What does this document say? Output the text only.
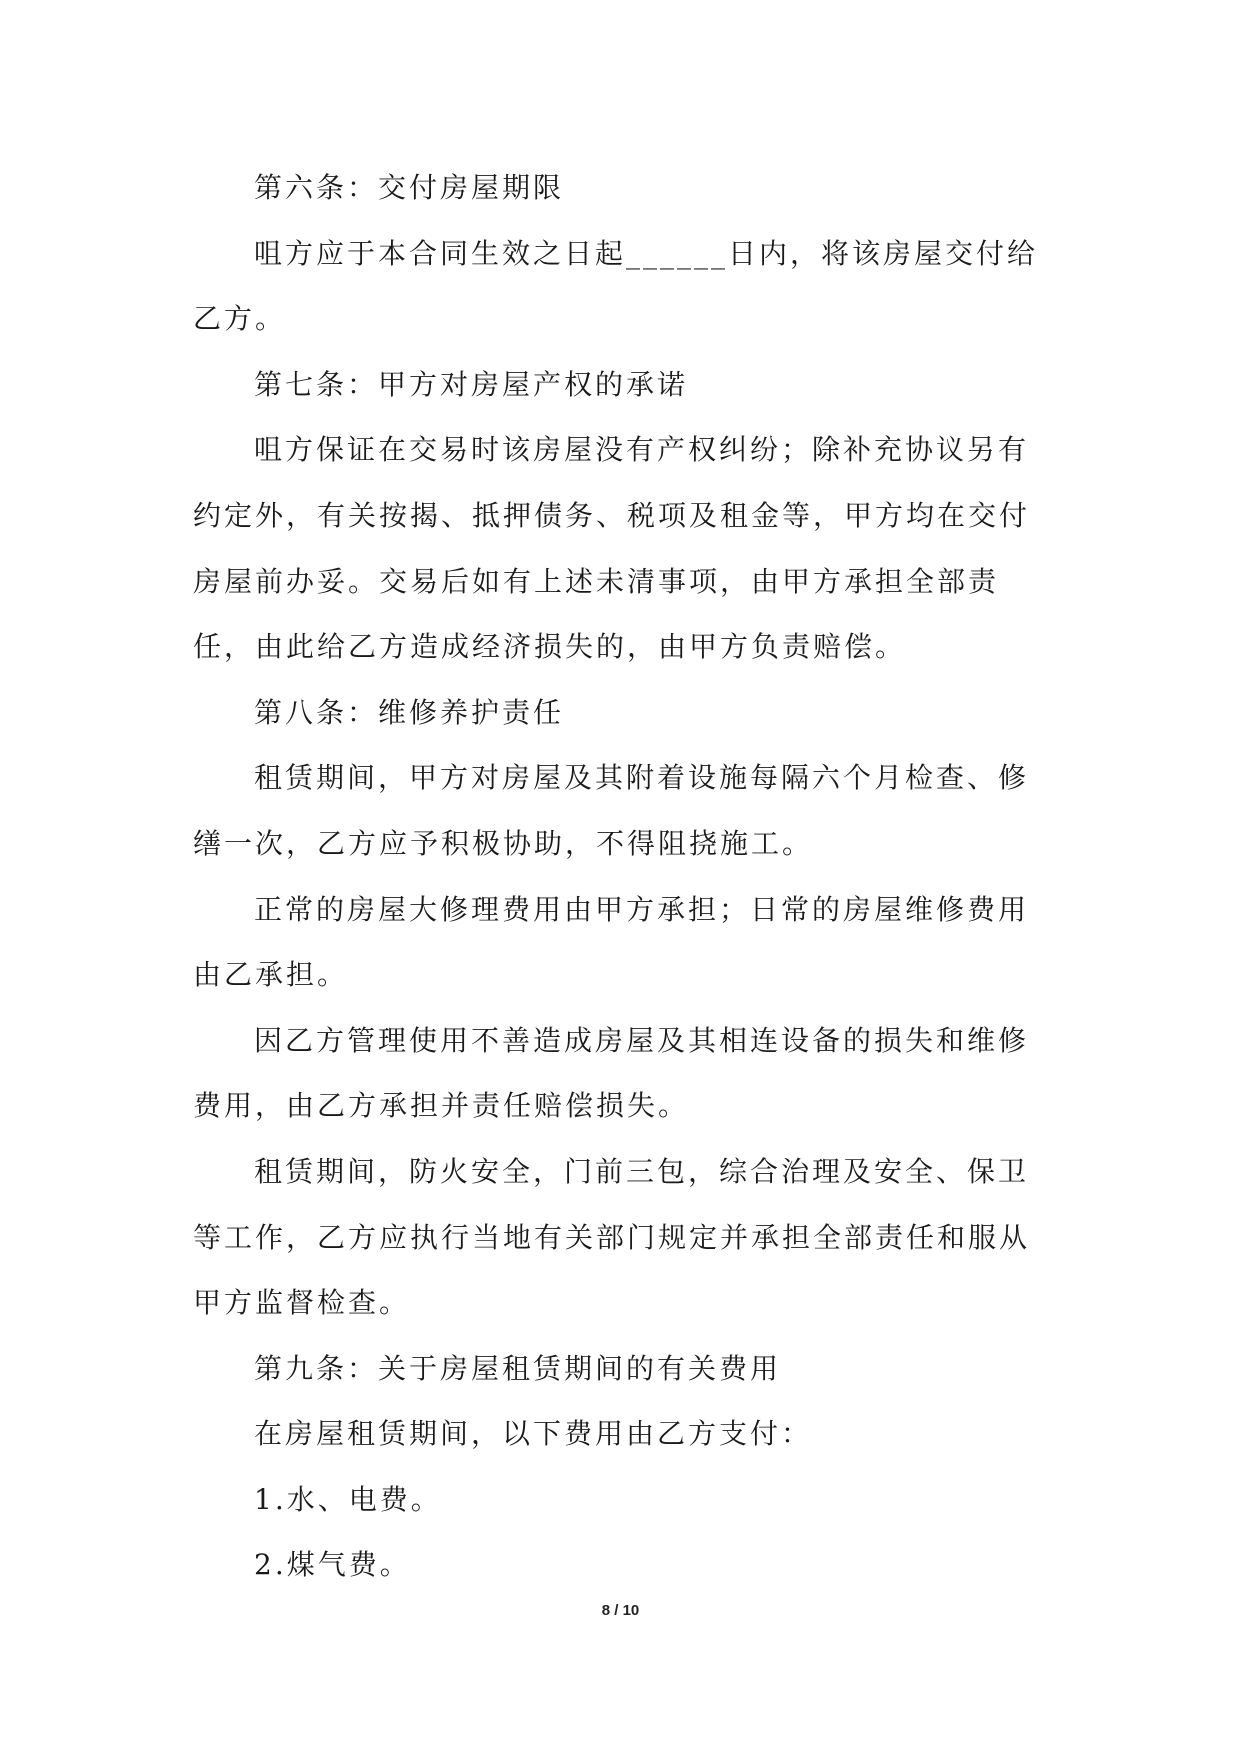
第六条：交付房屋期限

咀方应于本合同生效之日起______日内，将该房屋交付给乙方。

第七条：甲方对房屋产权的承诺

咀方保证在交易时该房屋没有产权纠纷；除补充协议另有约定外，有关按揭、抵押债务、税项及租金等，甲方均在交付房屋前办妥。交易后如有上述未清事项，由甲方承担全部责任，由此给乙方造成经济损失的，由甲方负责赔偿。

第八条：维修养护责任

租赁期间，甲方对房屋及其附着设施每隔六个月检查、修缮一次，乙方应予积极协助，不得阻挠施工。

正常的房屋大修理费用由甲方承担；日常的房屋维修费用由乙承担。

因乙方管理使用不善造成房屋及其相连设备的损失和维修费用，由乙方承担并责任赔偿损失。

租赁期间，防火安全，门前三包，综合治理及安全、保卫等工作，乙方应执行当地有关部门规定并承担全部责任和服从甲方监督检查。

第九条：关于房屋租赁期间的有关费用

在房屋租赁期间，以下费用由乙方支付：

1.水、电费。

2.煤气费。

8 / 10
